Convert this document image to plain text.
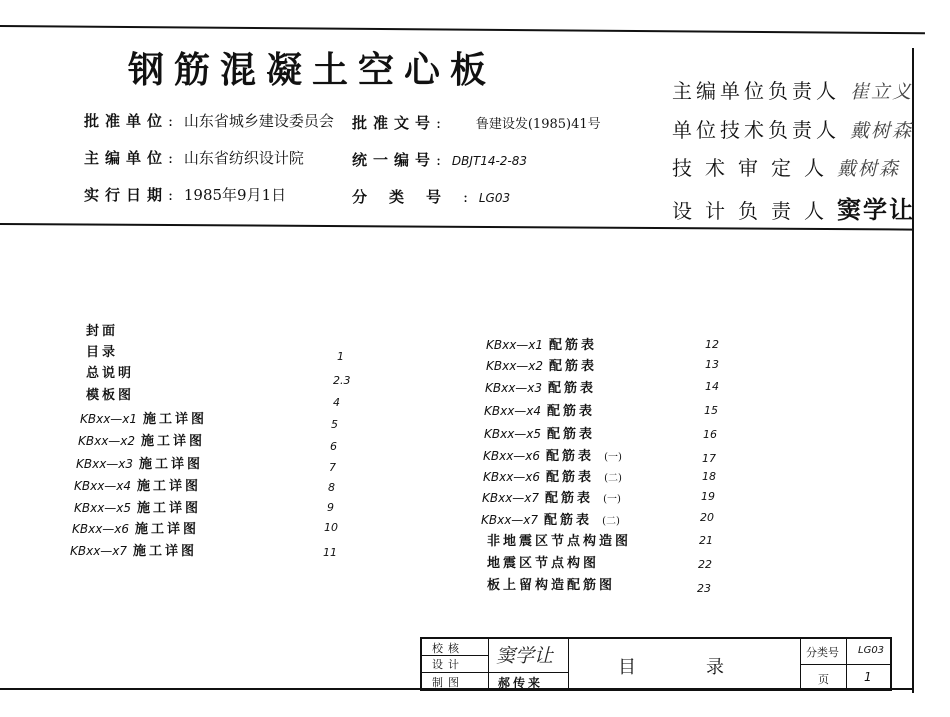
钢筋混凝土空心板
批准单位: 山东省城乡建设委员会
主编单位: 山东省纺织设计院
实行日期: 1985年9月1日
批准文号:	鲁建设发(1985)41号
统一编号: DBJT14-2-83
分类号: LG03
主编单位负责人 崔立义
单位技术负责人 戴树森
技术审定人戴树森
设计负责人窦学让
封面
目录
总说明
模板图
KBxx—x1 施工详图
KBxx—x2 施工详图
KBxx—x3 施工详图
KBxx—x4 施工详图
KBxx—x5 施工详图
KBxx—x6 施工详图
KBxx—x7 施工详图
1
2.3
4
5
6
7
8
9
10
11
KBxx—x1 配筋表
KBxx—x2 配筋表
KBxx—x3 配筋表
KBxx—x4 配筋表
KBxx—x5 配筋表
KBxx—x6 配筋表 (一)
KBxx—x6 配筋表 (二)
KBxx—x7 配筋表 (一)
KBxx—x7 配筋表 (二)
非地震区节点构造图
地震区节点构图
板上留构造配筋图
12
13
14
15
16
17
18
19
20
21
22
23
校核
设计
制图
窦学让
郝传来
目录
分类号 LG03
页	1
